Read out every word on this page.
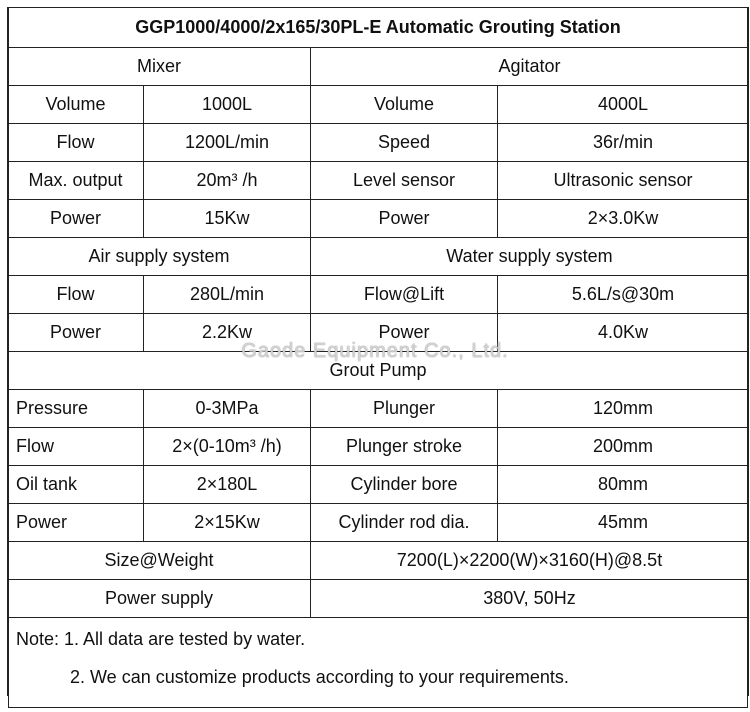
GGP1000/4000/2x165/30PL-E Automatic Grouting Station			
Mixer		Agitator	
Volume	1000L	Volume	4000L
Flow	1200L/min	Speed	36r/min
Max. output	20m³ /h	Level sensor	Ultrasonic sensor
Power	15Kw	Power	2×3.0Kw
Air supply system		Water supply system	
Flow	280L/min	Flow@Lift	5.6L/s@30m
Power	2.2Kw	Power	4.0Kw
Grout Pump			
Pressure	0-3MPa	Plunger	120mm
Flow	2×(0-10m³ /h)	Plunger stroke	200mm
Oil tank	2×180L	Cylinder bore	80mm
Power	2×15Kw	Cylinder rod dia.	45mm
Size@Weight		7200(L)×2200(W)×3160(H)@8.5t	
Power supply		380V, 50Hz	

Note: 1. All data are tested by water.
2. We can customize products according to your requirements.			
Gaode Equipment Co., Ltd.
